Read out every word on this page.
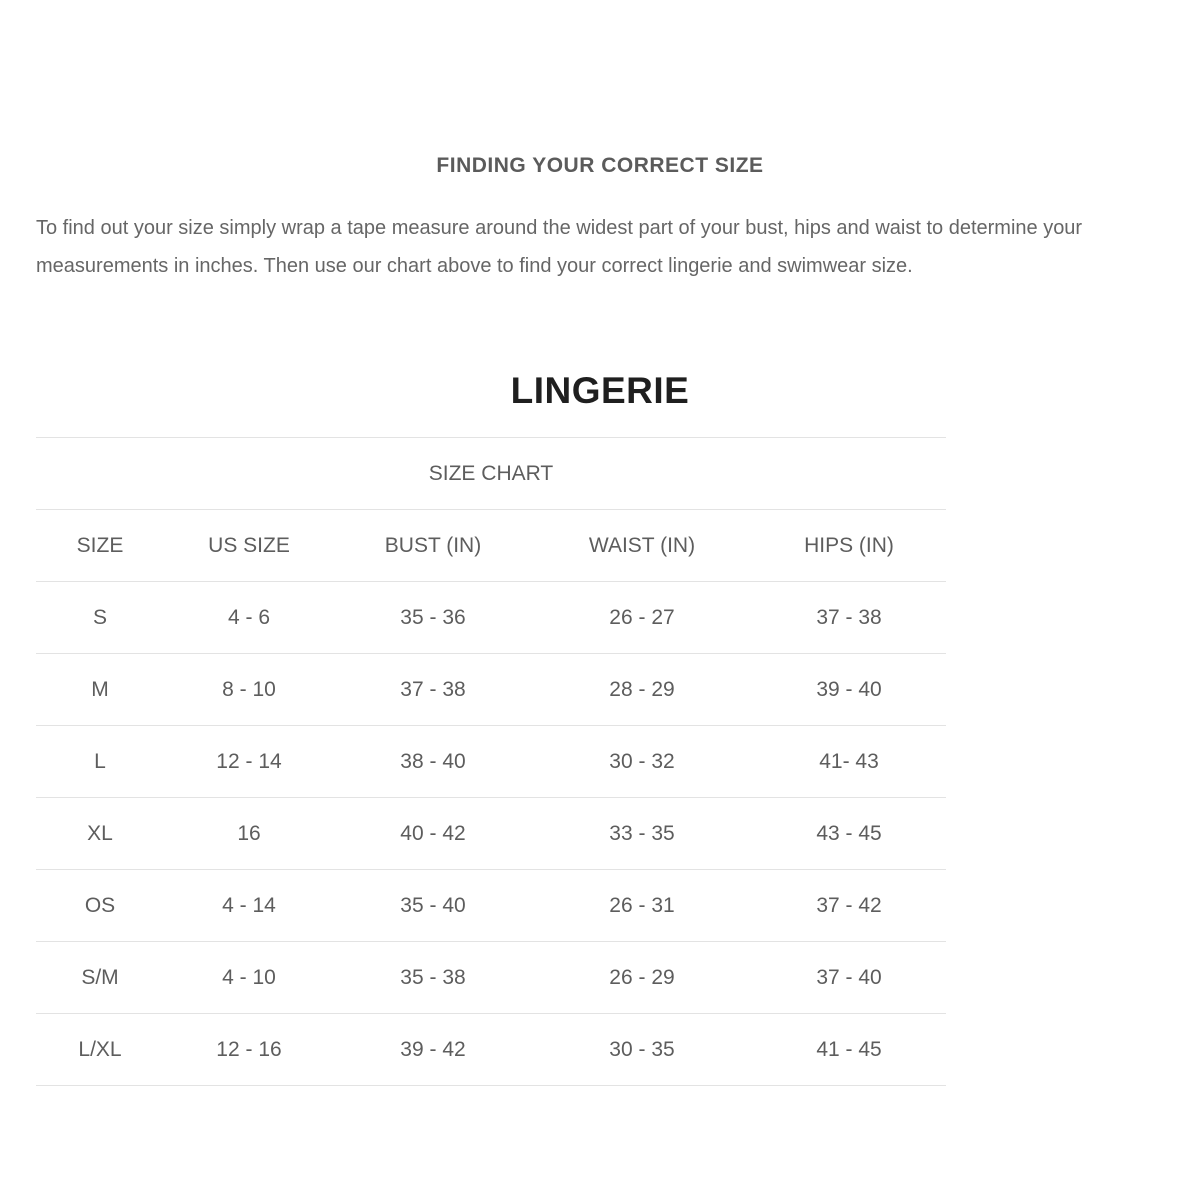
FINDING YOUR CORRECT SIZE

To find out your size simply wrap a tape measure around the widest part of your bust, hips and waist to determine your measurements in inches. Then use our chart above to find your correct lingerie and swimwear size.

LINGERIE
SIZE CHART				

SIZE	US SIZE	BUST (IN)	WAIST (IN)	HIPS (IN)
S	4 - 6	35 - 36	26 - 27	37 - 38
M	8 - 10	37 - 38	28 - 29	39 - 40
L	12 - 14	38 - 40	30 - 32	41- 43
XL	16	40 - 42	33 - 35	43 - 45
OS	4 - 14	35 - 40	26 - 31	37 - 42
S/M	4 - 10	35 - 38	26 - 29	37 - 40
L/XL	12 - 16	39 - 42	30 - 35	41 - 45
